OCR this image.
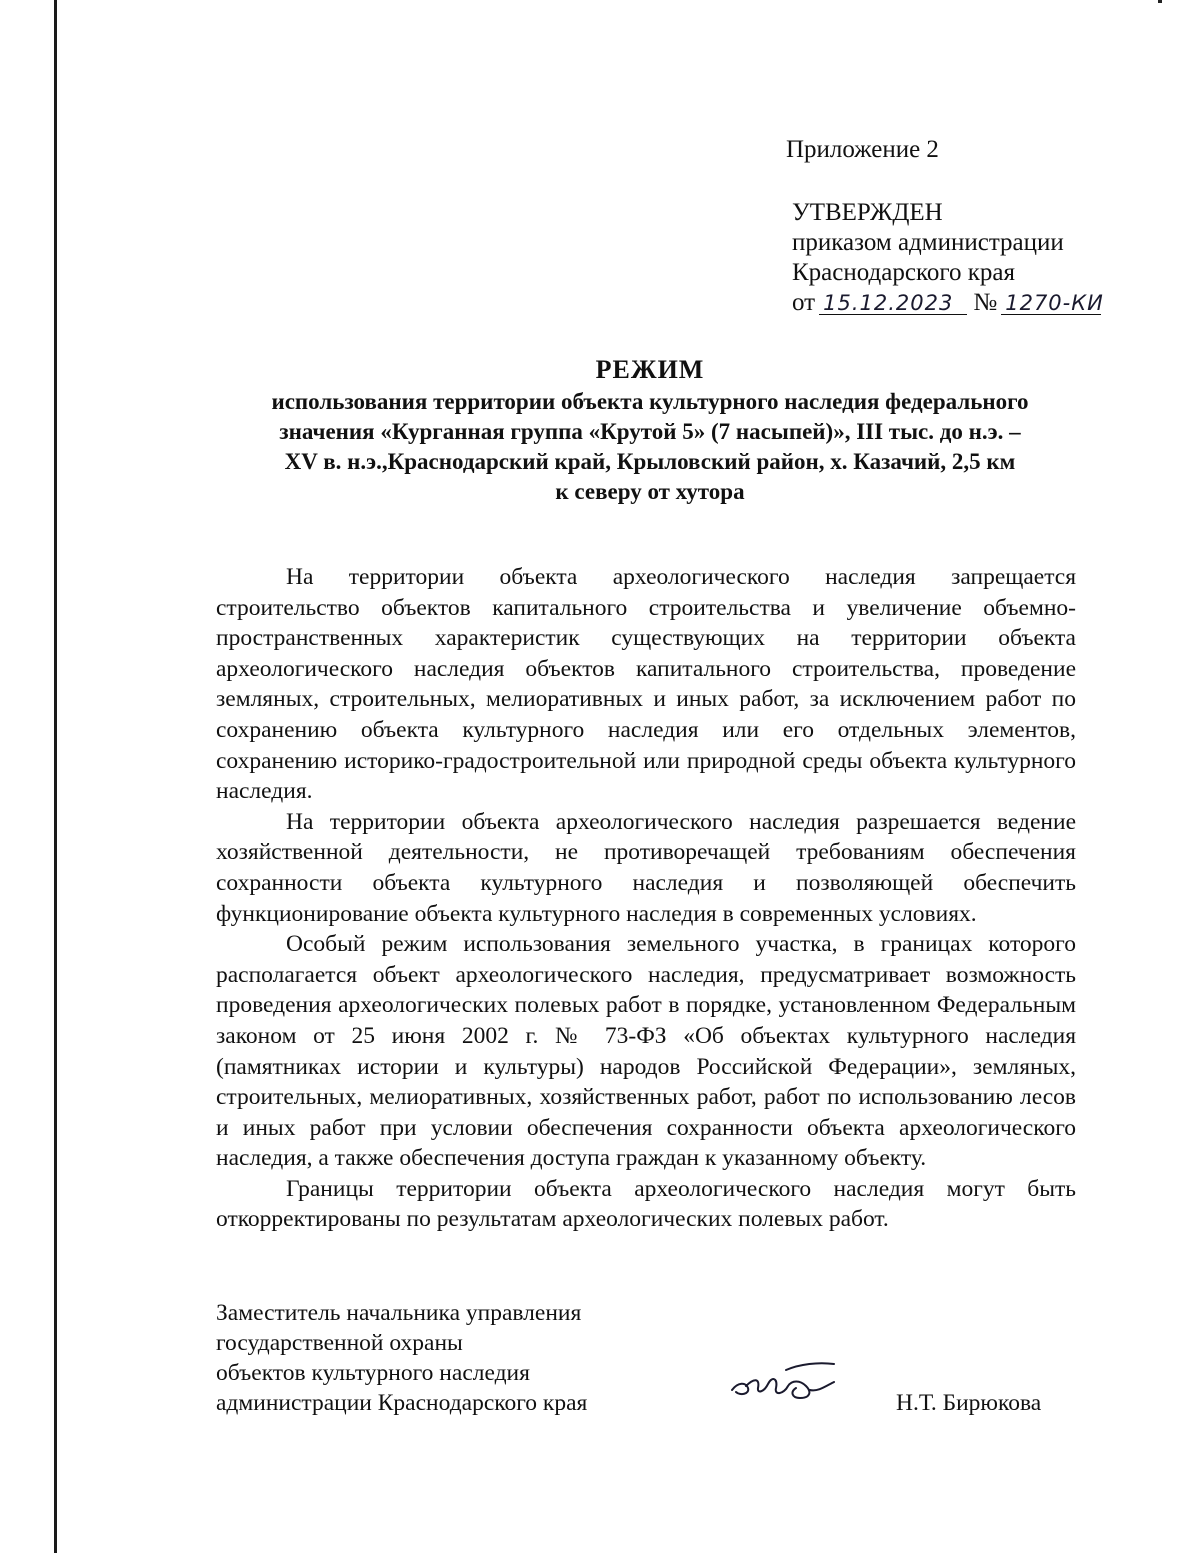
Приложение 2
УТВЕРЖДЕН
приказом администрации
Краснодарского края
от 15.12.2023 № 1270-КИ
РЕЖИМ
использования территории объекта культурного наследия федерального
значения «Курганная группа «Крутой 5» (7 насыпей)», III тыс. до н.э. –
XV в. н.э.,Краснодарский край, Крыловский район, х. Казачий, 2,5 км
к северу от хутора

На территории объекта археологического наследия запрещается строительство объектов капитального строительства и увеличение объемно-пространственных характеристик существующих на территории объекта археологического наследия объектов капитального строительства, проведение земляных, строительных, мелиоративных и иных работ, за исключением работ по сохранению объекта культурного наследия или его отдельных элементов, сохранению историко-градостроительной или природной среды объекта культурного наследия.

На территории объекта археологического наследия разрешается ведение хозяйственной деятельности, не противоречащей требованиям обеспечения сохранности объекта культурного наследия и позволяющей обеспечить функционирование объекта культурного наследия в современных условиях.

Особый режим использования земельного участка, в границах которого располагается объект археологического наследия, предусматривает возможность проведения археологических полевых работ в порядке, установленном Федеральным законом от 25 июня 2002 г. № 73-ФЗ «Об объектах культурного наследия (памятниках истории и культуры) народов Российской Федерации», земляных, строительных, мелиоративных, хозяйственных работ, работ по использованию лесов и иных работ при условии обеспечения сохранности объекта археологического наследия, а также обеспечения доступа граждан к указанному объекту.

Границы территории объекта археологического наследия могут быть откорректированы по результатам археологических полевых работ.

Заместитель начальника управления
государственной охраны
объектов культурного наследия
администрации Краснодарского края	Н.Т. Бирюкова
